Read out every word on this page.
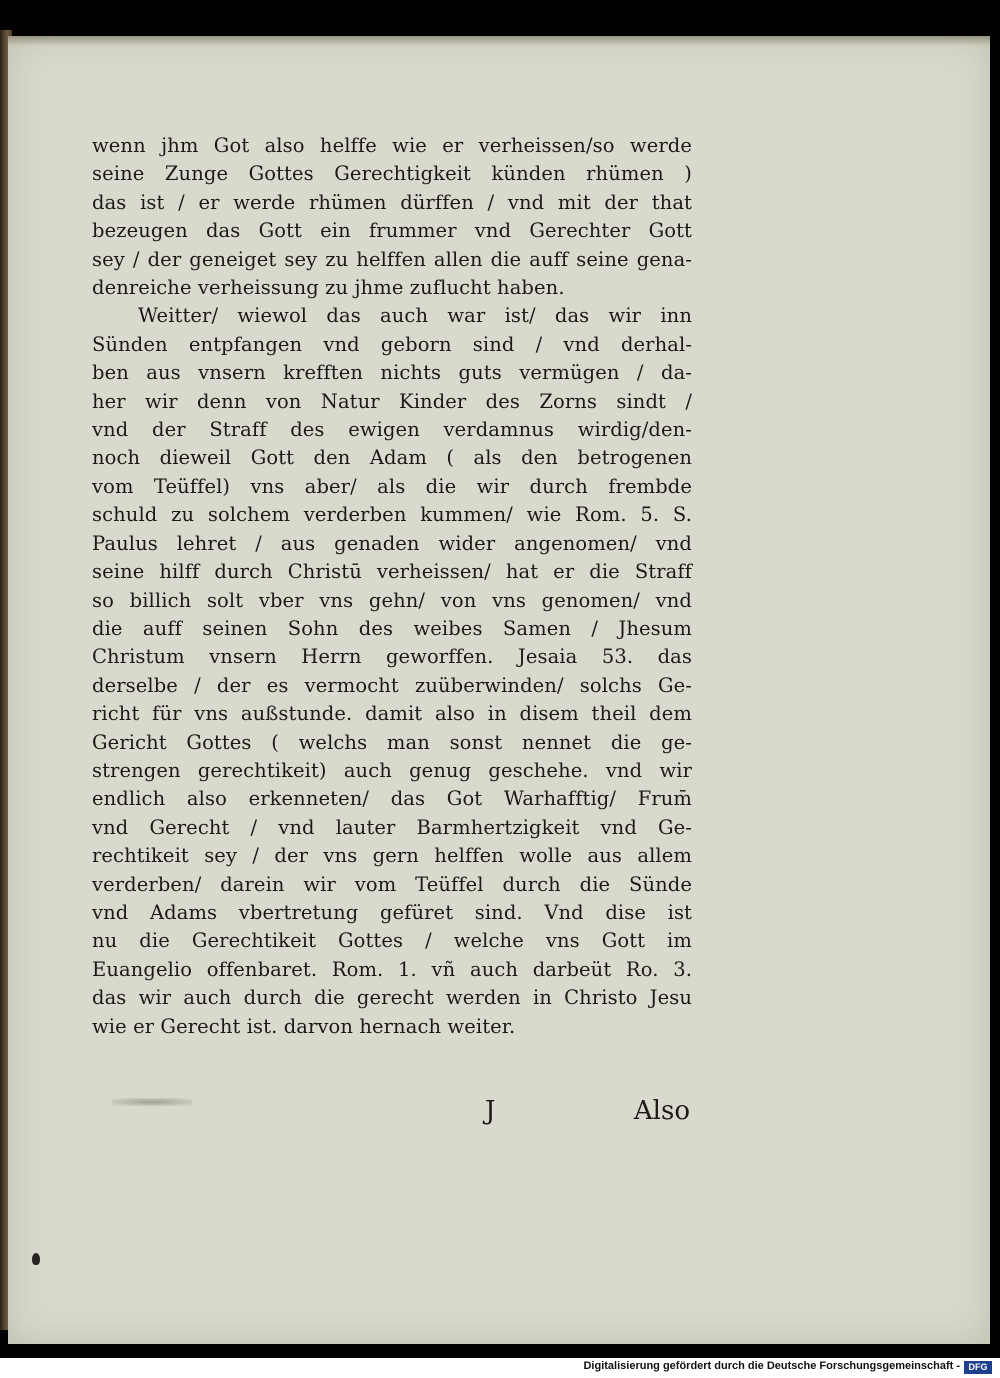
wenn jhm Got also helffe wie er verheissen/so werde
seine Zunge Gottes Gerechtigkeit künden rhümen )
das ist / er werde rhümen dürffen / vnd mit der that
bezeugen das Gott ein frummer vnd Gerechter Gott
sey / der geneiget sey zu helffen allen die auff seine gena-
denreiche verheissung zu jhme zuflucht haben.
Weitter/ wiewol das auch war ist/ das wir inn
Sünden entpfangen vnd geborn sind / vnd derhal-
ben aus vnsern krefften nichts guts vermügen / da-
her wir denn von Natur Kinder des Zorns sindt /
vnd der Straff des ewigen verdamnus wirdig/den-
noch dieweil Gott den Adam ( als den betrogenen
vom Teüffel) vns aber/ als die wir durch frembde
schuld zu solchem verderben kummen/ wie Rom. 5. S.
Paulus lehret / aus genaden wider angenomen/ vnd
seine hilff durch Christū verheissen/ hat er die Straff
so billich solt vber vns gehn/ von vns genomen/ vnd
die auff seinen Sohn des weibes Samen / Jhesum
Christum vnsern Herrn geworffen. Jesaia 53. das
derselbe / der es vermocht zuüberwinden/ solchs Ge-
richt für vns außstunde. damit also in disem theil dem
Gericht Gottes ( welchs man sonst nennet die ge-
strengen gerechtikeit) auch genug geschehe. vnd wir
endlich also erkenneten/ das Got Warhafftig/ Frum̄
vnd Gerecht / vnd lauter Barmhertzigkeit vnd Ge-
rechtikeit sey / der vns gern helffen wolle aus allem
verderben/ darein wir vom Teüffel durch die Sünde
vnd Adams vbertretung gefüret sind. Vnd dise ist
nu die Gerechtikeit Gottes / welche vns Gott im
Euangelio offenbaret. Rom. 1. vñ auch darbeüt Ro. 3.
das wir auch durch die gerecht werden in Christo Jesu
wie er Gerecht ist. darvon hernach weiter.
J	Also
Digitalisierung gefördert durch die Deutsche Forschungsgemeinschaft - DFG
